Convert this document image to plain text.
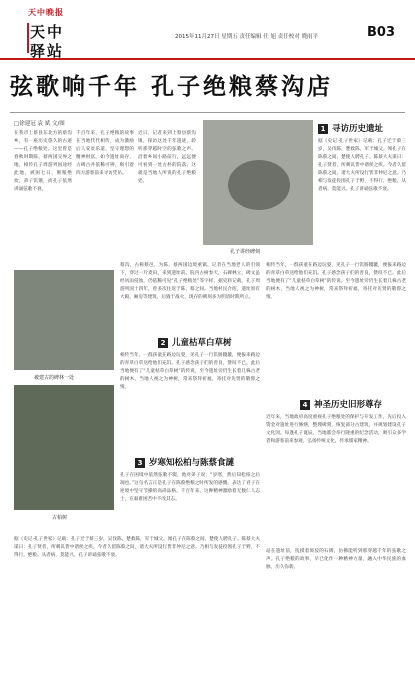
天中晚报
天中
驿站
2015年11月27日 星期五 责任编辑 任 旭 责任校对 晓雨平	B03
弦歌响千年 孔子绝粮蔡沟店
□徐建冠 袁 斌 文/图
在我市上蔡县东北方的蔡沟乡，有一座历史悠久的古迹——孔子绝粮处。这里曾是春秋时期陈、蔡两国交界之地，相传孔子周游列国途经此地，被困七日，断粮绝炊，弟子饥饿，而孔子依然讲诵弦歌不衰。
千百年来，孔子绝粮的故事在当地代代相传，成为激励后人安贫乐道、坚守理想的精神财富。如今遗址尚存，古碑古井依稀可辨，吸引着四方游客前来寻访凭吊。
近日，记者来到上蔡县蔡沟镇，探访这处千年遗迹，聆听那穿越时空的弦歌之声。沿着乡间小路前行，远远便可看到一处古朴的院落，这就是当地人所说的孔子绝粮处。
孔子讲经碑刻
1 寻访历史遗址
据《史记·孔子世家》记载：孔子迁于蔡三岁，吴伐陈，楚救陈，军于城父。闻孔子在陈蔡之间，楚使人聘孔子。陈蔡大夫谋曰：孔子贤者，所刺讥皆中诸侯之疾。今者久留陈蔡之间，诸大夫所设行皆非仲尼之意。乃相与发徒役围孔子于野，不得行，绝粮。从者病，莫能兴。孔子讲诵弦歌不衰。
被建古的碑林一处
古柏树
蔡沟，古称蔡邑，为陈、蔡两国边境重镇。记者在当地老人的引领下，穿过一片麦田，来到遗址前。院内古树参天，石碑林立，碑文虽经风雨侵蚀，仍依稀可见“孔子绝粮处”等字样。据史料记载，孔子周游列国十四年，曾多次往返于陈、蔡之间。当地村民介绍，遗址原有大殿、厢房等建筑，后毁于战火，现存的碑刻多为明清时期所立。
2 儿童枯草白草树
相传当年，一群孩童在路边玩耍，见孔子一行饥肠辘辘，便拔来路边的青草白草送给他们充饥。孔子感念孩子们的善良，赞叹不已。此后当地便有了“儿童枯草白草树”的传说，至今遗址旁仍生长着几株古老的树木，当地人视之为神树，常来祭拜祈福，寄托对先贤的敬仰之情。
3 岁寒知松柏与陈蔡食謰
孔子在困境中依然弦歌不辍，他对弟子说：“岁寒，然后知松柏之后凋也。”这句名言正是孔子在陈蔡绝粮之时所发的感慨，表达了君子在逆境中坚守节操的高尚品格。千百年来，这种精神激励着无数仁人志士，在艰难困苦中不改其志。
据《史记·孔子世家》记载：孔子迁于蔡三岁，吴伐陈，楚救陈，军于城父。闻孔子在陈蔡之间，楚使人聘孔子。陈蔡大夫谋曰：孔子贤者，所刺讥皆中诸侯之疾。今者久留陈蔡之间，诸大夫所设行皆非仲尼之意。乃相与发徒役围孔子于野，不得行，绝粮。从者病，莫能兴。孔子讲诵弦歌不衰。
相传当年，一群孩童在路边玩耍，见孔子一行饥肠辘辘，便拔来路边的青草白草送给他们充饥。孔子感念孩子们的善良，赞叹不已。此后当地便有了“儿童枯草白草树”的传说，至今遗址旁仍生长着几株古老的树木，当地人视之为神树，常来祭拜祈福，寄托对先贤的敬仰之情。
4 神圣历史旧形尊存
近年来，当地政府高度重视孔子绝粮处的保护与开发工作，先后投入资金对遗址进行修缮，整理碑刻，恢复部分古建筑，并规划建设孔子文化园。每逢孔子诞辰，当地都会举行隆重的纪念活动，吸引众多学者和游客前来参观，弘扬传统文化，传承儒家精神。
站在遗址前，抚摸着斑驳的石碑，仿佛能听到那穿越千年的弦歌之声。孔子绝粮的故事，早已化作一种精神力量，融入中华民族的血脉，历久弥新。
